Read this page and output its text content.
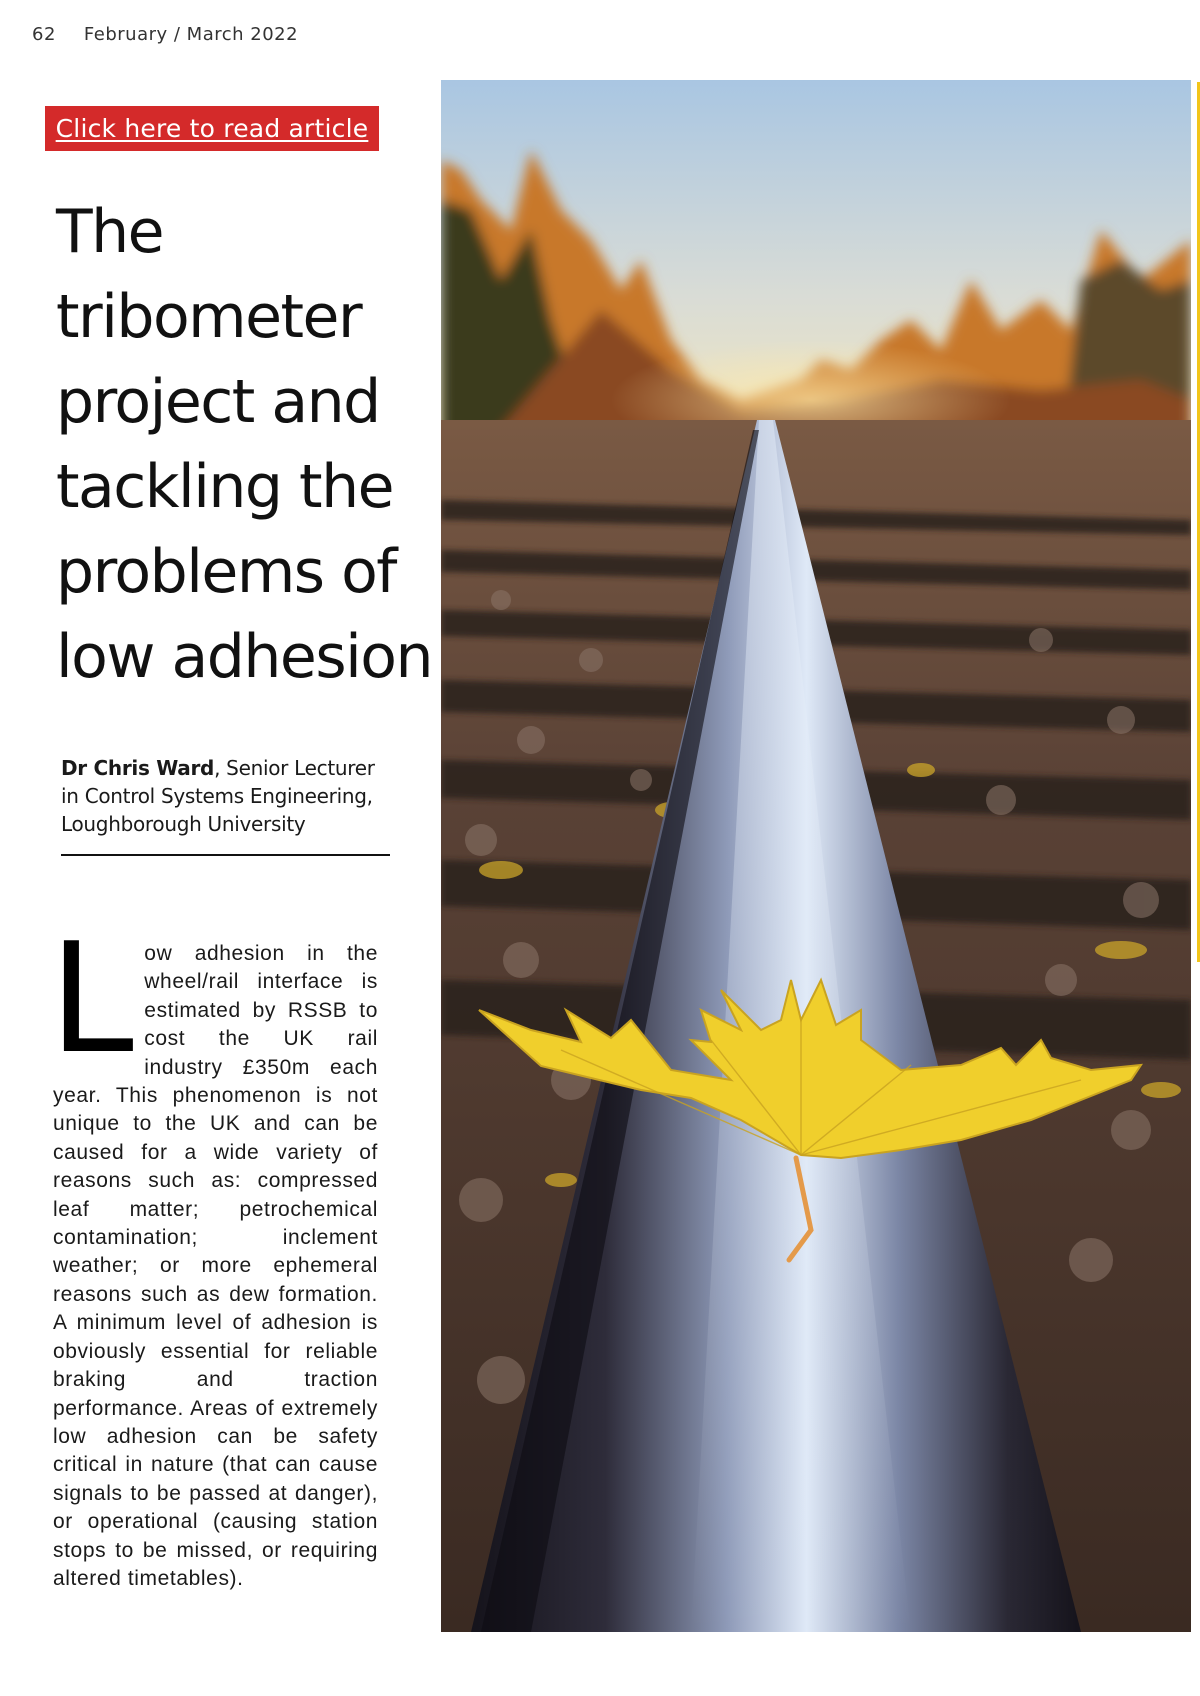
62 February / March 2022
Click here to read article
The
tribometer
project and
tackling the
problems of
low adhesion
Dr Chris Ward, Senior Lecturer in Control Systems Engineering, Loughborough University

Low adhesion in the wheel/rail interface is estimated by RSSB to cost the UK rail industry £350m each year. This phenomenon is not unique to the UK and can be caused for a wide variety of reasons such as: compressed leaf matter; petrochemical contamination; inclement weather; or more ephemeral reasons such as dew formation. A minimum level of adhesion is obviously essential for reliable braking and traction performance. Areas of extremely low adhesion can be safety critical in nature (that can cause signals to be passed at danger), or operational (causing station stops to be missed, or requiring altered timetables).
